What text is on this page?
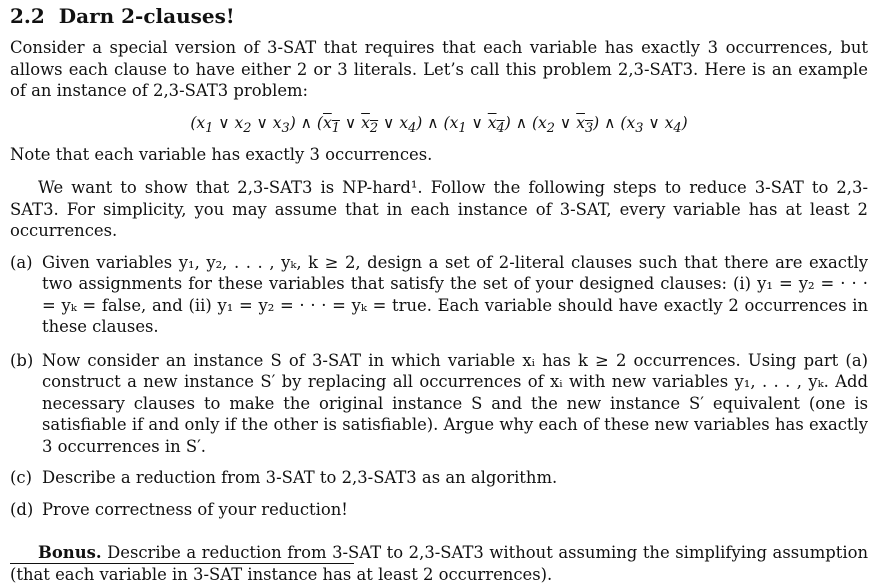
2.2 Darn 2-clauses!

Consider a special version of 3-SAT that requires that each variable has exactly 3 occurrences, but allows each clause to have either 2 or 3 literals. Let’s call this problem 2,3-SAT3. Here is an example of an instance of 2,3-SAT3 problem:

($x_1$ ∨ $x_2$ ∨ $x_3$) ∧ ($x_1$ ∨ $x_2$ ∨ $x_4$) ∧ ($x_1$ ∨ $x_4$) ∧ ($x_2$ ∨ $x_3$) ∧ ($x_3$ ∨ $x_4$)

Note that each variable has exactly 3 occurrences.

We want to show that 2,3-SAT3 is NP-hard¹. Follow the following steps to reduce 3-SAT to 2,3-SAT3. For simplicity, you may assume that in each instance of 3-SAT, every variable has at least 2 occurrences.

(a) Given variables y₁, y₂, . . . , yₖ, k ≥ 2, design a set of 2-literal clauses such that there are exactly two assignments for these variables that satisfy the set of your designed clauses: (i) y₁ = y₂ = · · · = yₖ = false, and (ii) y₁ = y₂ = · · · = yₖ = true. Each variable should have exactly 2 occurrences in these clauses.
(b) Now consider an instance S of 3-SAT in which variable xᵢ has k ≥ 2 occurrences. Using part (a) construct a new instance S′ by replacing all occurrences of xᵢ with new variables y₁, . . . , yₖ. Add necessary clauses to make the original instance S and the new instance S′ equivalent (one is satisfiable if and only if the other is satisfiable). Argue why each of these new variables has exactly 3 occurrences in S′.
(c) Describe a reduction from 3-SAT to 2,3-SAT3 as an algorithm.
(d) Prove correctness of your reduction!

Bonus. Describe a reduction from 3-SAT to 2,3-SAT3 without assuming the simplifying assumption (that each variable in 3-SAT instance has at least 2 occurrences).
